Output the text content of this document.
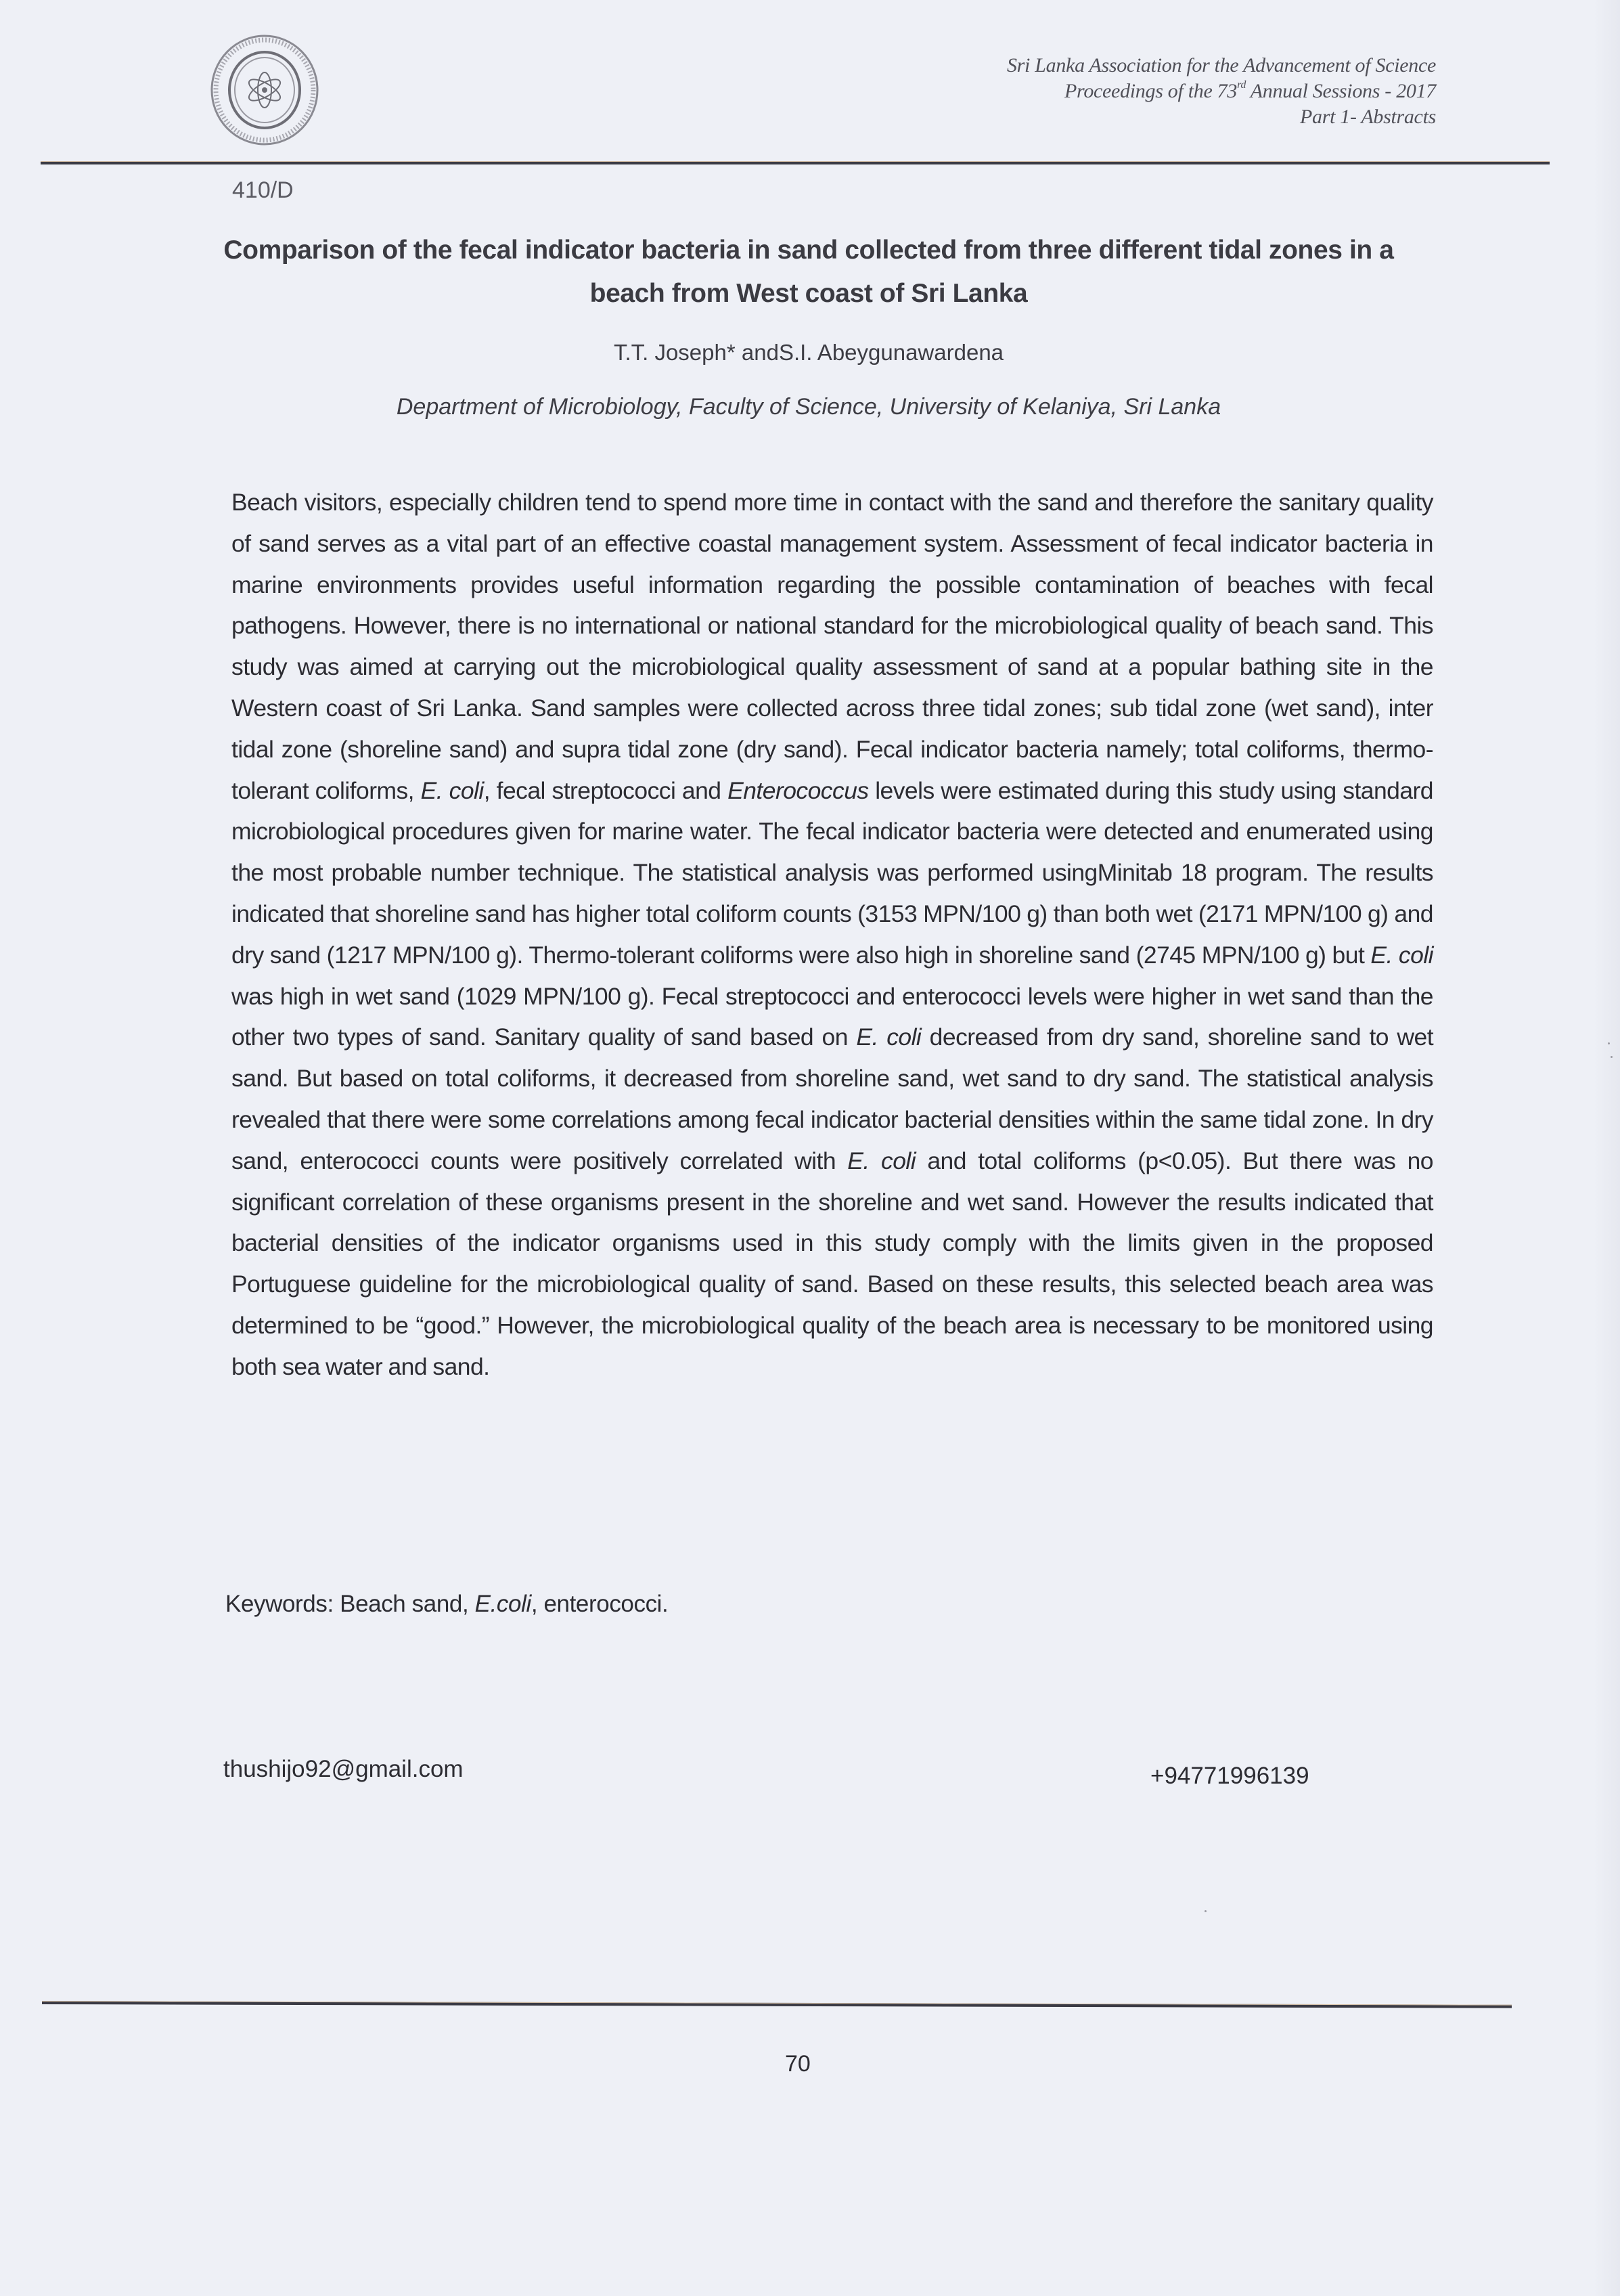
Sri Lanka Association for the Advancement of Science
Proceedings of the 73rd Annual Sessions - 2017
Part 1- Abstracts
410/D
Comparison of the fecal indicator bacteria in sand collected from three different tidal zones in a beach from West coast of Sri Lanka
T.T. Joseph* andS.I. Abeygunawardena
Department of Microbiology, Faculty of Science, University of Kelaniya, Sri Lanka
Beach visitors, especially children tend to spend more time in contact with the sand and therefore the sanitary quality of sand serves as a vital part of an effective coastal management system. Assessment of fecal indicator bacteria in marine environments provides useful information regarding the possible contamination of beaches with fecal pathogens. However, there is no international or national standard for the microbiological quality of beach sand. This study was aimed at carrying out the microbiological quality assessment of sand at a popular bathing site in the Western coast of Sri Lanka. Sand samples were collected across three tidal zones; sub tidal zone (wet sand), inter tidal zone (shoreline sand) and supra tidal zone (dry sand). Fecal indicator bacteria namely; total coliforms, thermo-tolerant coliforms, E. coli, fecal streptococci and Enterococcus levels were estimated during this study using standard microbiological procedures given for marine water. The fecal indicator bacteria were detected and enumerated using the most probable number technique. The statistical analysis was performed usingMinitab 18 program. The results indicated that shoreline sand has higher total coliform counts (3153 MPN/100 g) than both wet (2171 MPN/100 g) and dry sand (1217 MPN/100 g). Thermo-tolerant coliforms were also high in shoreline sand (2745 MPN/100 g) but E. coli was high in wet sand (1029 MPN/100 g). Fecal streptococci and enterococci levels were higher in wet sand than the other two types of sand. Sanitary quality of sand based on E. coli decreased from dry sand, shoreline sand to wet sand. But based on total coliforms, it decreased from shoreline sand, wet sand to dry sand. The statistical analysis revealed that there were some correlations among fecal indicator bacterial densities within the same tidal zone. In dry sand, enterococci counts were positively correlated with E. coli and total coliforms (p<0.05). But there was no significant correlation of these organisms present in the shoreline and wet sand. However the results indicated that bacterial densities of the indicator organisms used in this study comply with the limits given in the proposed Portuguese guideline for the microbiological quality of sand. Based on these results, this selected beach area was determined to be “good.” However, the microbiological quality of the beach area is necessary to be monitored using both sea water and sand.
Keywords: Beach sand, E.coli, enterococci.
thushijo92@gmail.com	+94771996139
70
